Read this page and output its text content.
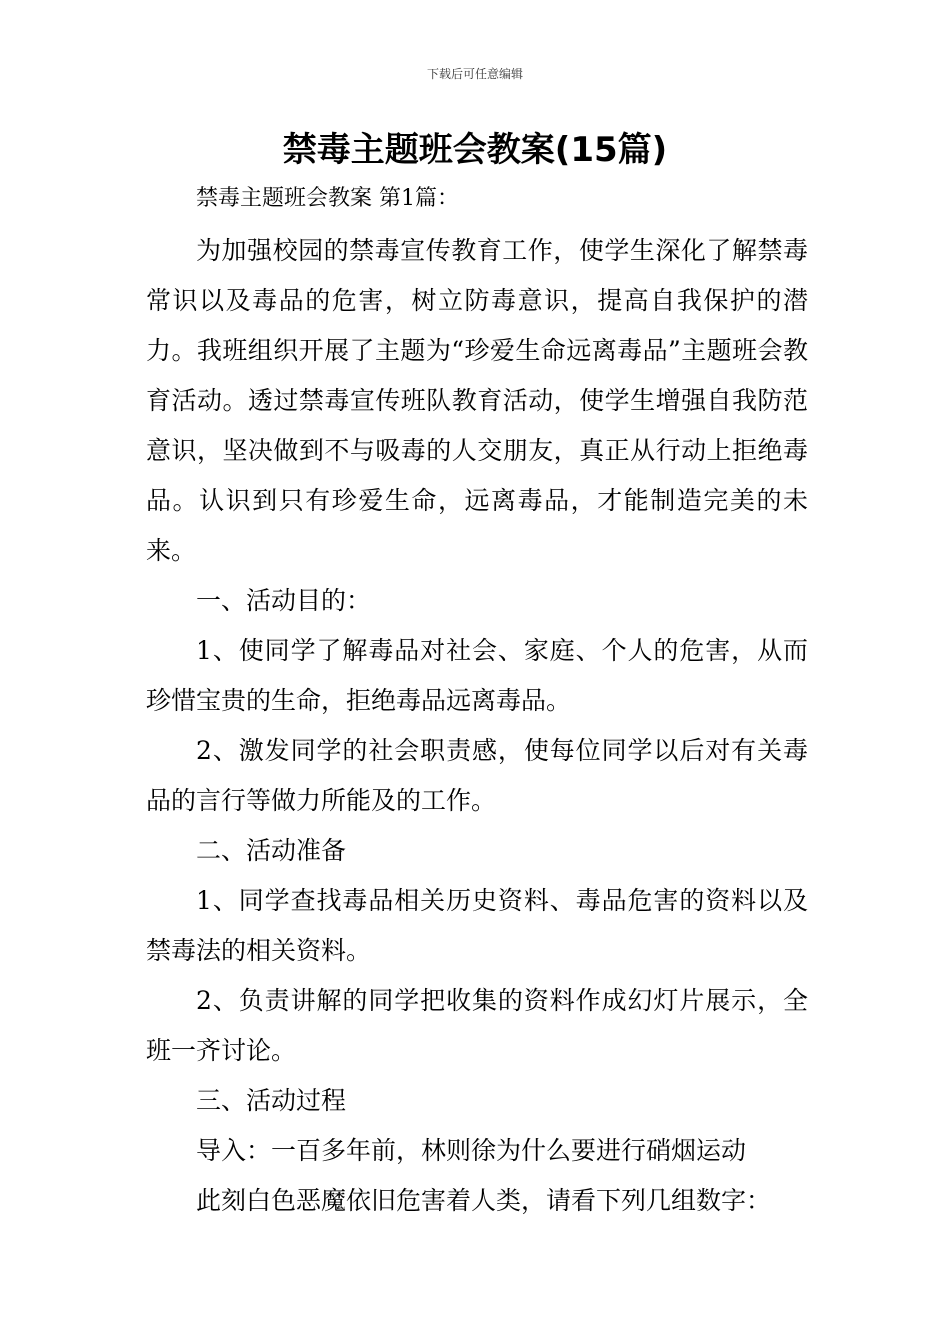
下载后可任意编辑
禁毒主题班会教案(15篇)
禁毒主题班会教案 第1篇：

为加强校园的禁毒宣传教育工作，使学生深化了解禁毒常识以及毒品的危害，树立防毒意识，提高自我保护的潜力。我班组织开展了主题为“珍爱生命远离毒品”主题班会教育活动。透过禁毒宣传班队教育活动，使学生增强自我防范意识，坚决做到不与吸毒的人交朋友，真正从行动上拒绝毒品。认识到只有珍爱生命，远离毒品，才能制造完美的未来。

一、活动目的：

1、使同学了解毒品对社会、家庭、个人的危害，从而珍惜宝贵的生命，拒绝毒品远离毒品。

2、激发同学的社会职责感，使每位同学以后对有关毒品的言行等做力所能及的工作。

二、活动准备

1、同学查找毒品相关历史资料、毒品危害的资料以及禁毒法的相关资料。

2、负责讲解的同学把收集的资料作成幻灯片展示，全班一齐讨论。

三、活动过程

导入：一百多年前，林则徐为什么要进行硝烟运动

此刻白色恶魔依旧危害着人类，请看下列几组数字：
